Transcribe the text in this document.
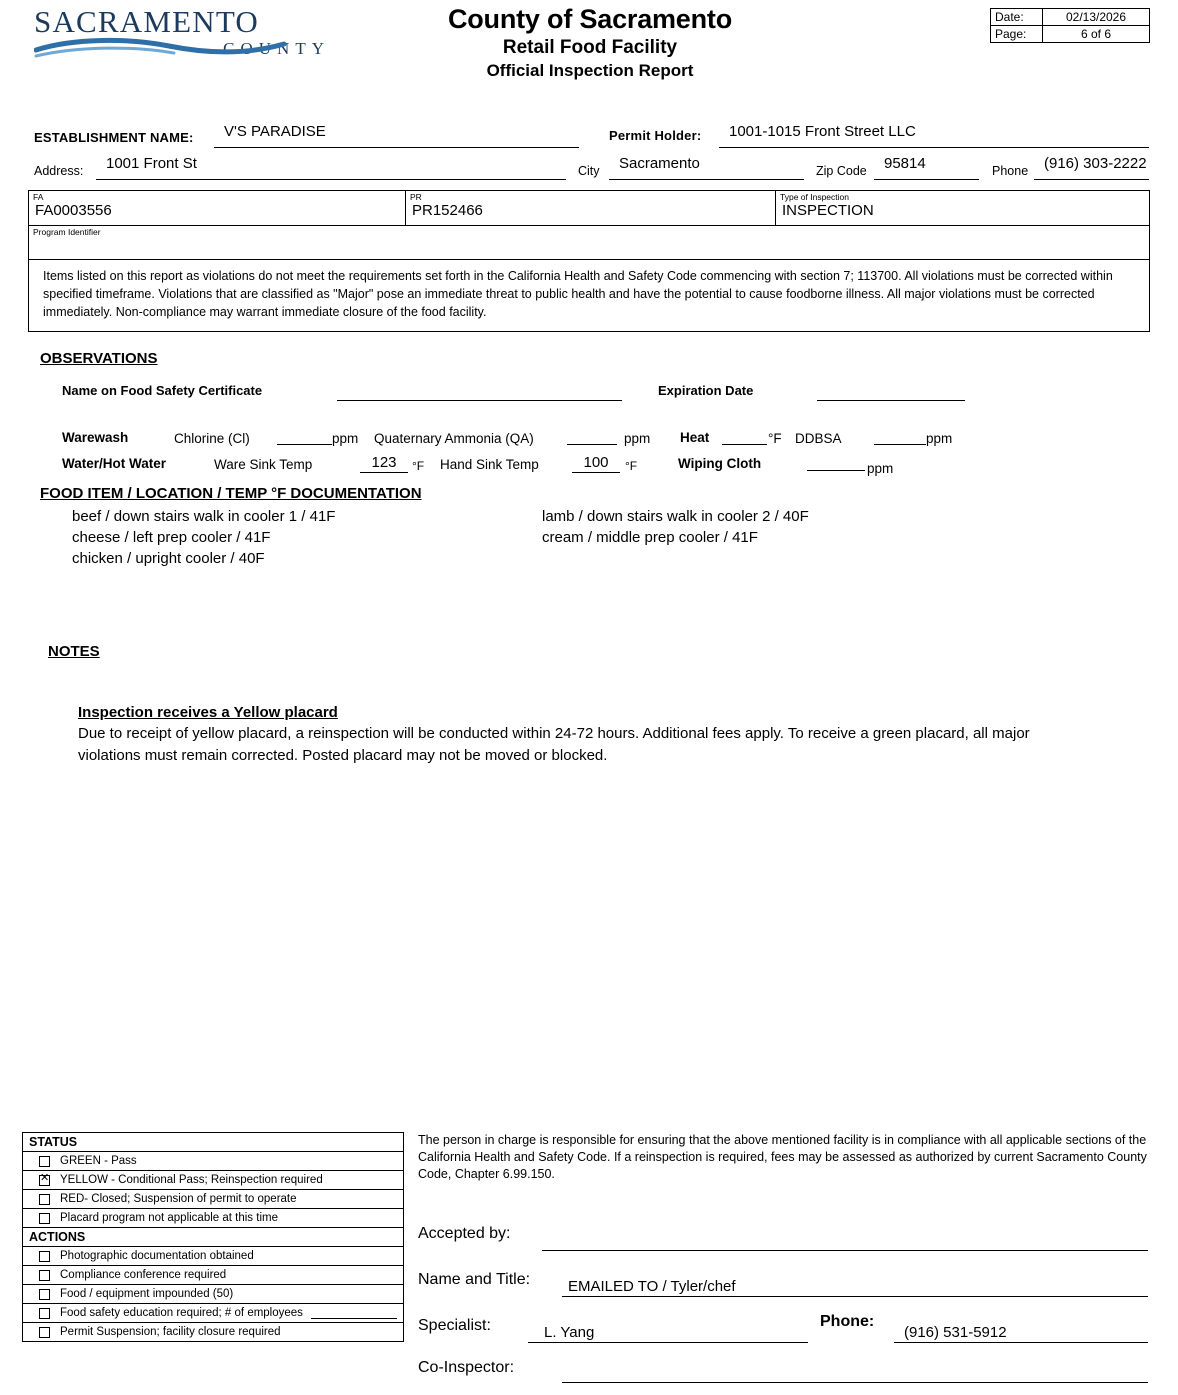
SACRAMENTO
COUNTY
County of Sacramento
Retail Food Facility
Official Inspection Report
Date:	02/13/2026
Page:	6 of 6
ESTABLISHMENT NAME:	V'S PARADISE	Permit Holder:	1001-1015 Front Street LLC
Address:	1001 Front St	City	Sacramento	Zip Code	95814	Phone	(916) 303-2222
FA
FA0003556
PR
PR152466
Type of Inspection
INSPECTION
Program Identifier
Items listed on this report as violations do not meet the requirements set forth in the California Health and Safety Code commencing with section 7; 113700. All violations must be corrected within specified timeframe. Violations that are classified as "Major" pose an immediate threat to public health and have the potential to cause foodborne illness. All major violations must be corrected immediately. Non-compliance may warrant immediate closure of the food facility.
OBSERVATIONS
Name on Food Safety Certificate	Expiration Date
Warewash	Chlorine (Cl)	ppm Quaternary Ammonia (QA)	ppm Heat	°F DDBSA	ppm
Water/Hot Water	Ware Sink Temp	123	°F Hand Sink Temp	100	°F	Wiping Cloth	ppm
FOOD ITEM / LOCATION / TEMP °F DOCUMENTATION
beef / down stairs walk in cooler 1 / 41F
cheese / left prep cooler / 41F
chicken / upright cooler / 40F
lamb / down stairs walk in cooler 2 / 40F
cream / middle prep cooler / 41F
NOTES
Inspection receives a Yellow placard
Due to receipt of yellow placard, a reinspection will be conducted within 24-72 hours. Additional fees apply. To receive a green placard, all major violations must remain corrected. Posted placard may not be moved or blocked.
STATUS
GREEN - Pass
✕
YELLOW - Conditional Pass; Reinspection required
RED- Closed; Suspension of permit to operate
Placard program not applicable at this time
ACTIONS
Photographic documentation obtained
Compliance conference required
Food / equipment impounded (50)
Food safety education required; # of employees
Permit Suspension; facility closure required
The person in charge is responsible for ensuring that the above mentioned facility is in compliance with all applicable sections of the California Health and Safety Code. If a reinspection is required, fees may be assessed as authorized by current Sacramento County Code, Chapter 6.99.150.
Accepted by:
Name and Title:	EMAILED TO / Tyler/chef
Specialist:	L. Yang
Phone:
(916) 531-5912
Co-Inspector:
